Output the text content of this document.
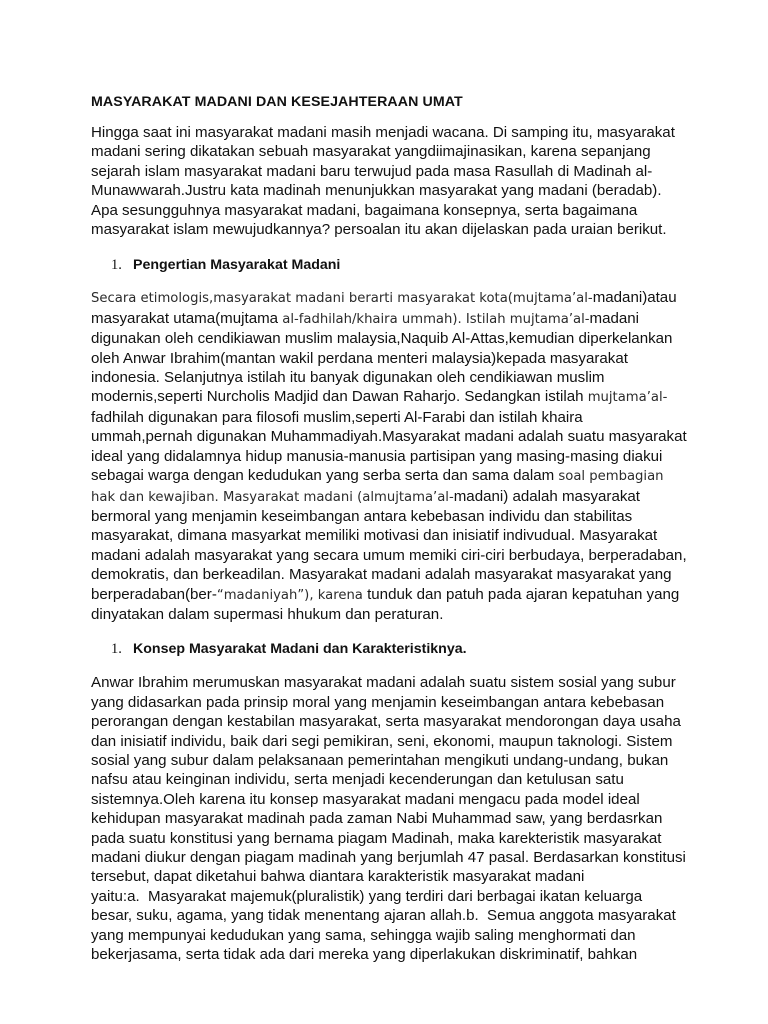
MASYARAKAT MADANI DAN KESEJAHTERAAN UMAT

Hingga saat ini masyarakat madani masih menjadi wacana. Di samping itu, masyarakat madani sering dikatakan sebuah masyarakat yangdiimajinasikan, karena sepanjang sejarah islam masyarakat madani baru terwujud pada masa Rasullah di Madinah al-Munawwarah.Justru kata madinah menunjukkan masyarakat yang madani (beradab). Apa sesungguhnya masyarakat madani, bagaimana konsepnya, serta bagaimana masyarakat islam mewujudkannya? persoalan itu akan dijelaskan pada uraian berikut.

1. Pengertian Masyarakat Madani

Secara etimologis,masyarakat madani berarti masyarakat kota(mujtama’al-madani)atau masyarakat utama(mujtama al-fadhilah/khaira ummah). Istilah mujtama’al-madani digunakan oleh cendikiawan muslim malaysia,Naquib Al-Attas,kemudian diperkelankan oleh Anwar Ibrahim(mantan wakil perdana menteri malaysia)kepada masyarakat indonesia. Selanjutnya istilah itu banyak digunakan oleh cendikiawan muslim modernis,seperti Nurcholis Madjid dan Dawan Raharjo. Sedangkan istilah mujtama’al-fadhilah digunakan para filosofi muslim,seperti Al-Farabi dan istilah khaira ummah,pernah digunakan Muhammadiyah.Masyarakat madani adalah suatu masyarakat ideal yang didalamnya hidup manusia-manusia partisipan yang masing-masing diakui sebagai warga dengan kedudukan yang serba serta dan sama dalam soal pembagian hak dan kewajiban. Masyarakat madani (almujtama’al-madani) adalah masyarakat bermoral yang menjamin keseimbangan antara kebebasan individu dan stabilitas masyarakat, dimana masyarkat memiliki motivasi dan inisiatif indivudual. Masyarakat madani adalah masyarakat yang secara umum memiki ciri-ciri berbudaya, berperadaban, demokratis, dan berkeadilan. Masyarakat madani adalah masyarakat masyarakat yang berperadaban(ber-“madaniyah”), karena tunduk dan patuh pada ajaran kepatuhan yang dinyatakan dalam supermasi hhukum dan peraturan.

1. Konsep Masyarakat Madani dan Karakteristiknya.

Anwar Ibrahim merumuskan masyarakat madani adalah suatu sistem sosial yang subur yang didasarkan pada prinsip moral yang menjamin keseimbangan antara kebebasan perorangan dengan kestabilan masyarakat, serta masyarakat mendorongan daya usaha dan inisiatif individu, baik dari segi pemikiran, seni, ekonomi, maupun taknologi. Sistem sosial yang subur dalam pelaksanaan pemerintahan mengikuti undang-undang, bukan nafsu atau keinginan individu, serta menjadi kecenderungan dan ketulusan satu sistemnya.Oleh karena itu konsep masyarakat madani mengacu pada model ideal kehidupan masyarakat madinah pada zaman Nabi Muhammad saw, yang berdasrkan pada suatu konstitusi yang bernama piagam Madinah, maka karekteristik masyarakat madani diukur dengan piagam madinah yang berjumlah 47 pasal. Berdasarkan konstitusi tersebut, dapat diketahui bahwa diantara karakteristik masyarakat madani yaitu:a.  Masyarakat majemuk(pluralistik) yang terdiri dari berbagai ikatan keluarga besar, suku, agama, yang tidak menentang ajaran allah.b.  Semua anggota masyarakat yang mempunyai kedudukan yang sama, sehingga wajib saling menghormati dan bekerjasama, serta tidak ada dari mereka yang diperlakukan diskriminatif, bahkan
